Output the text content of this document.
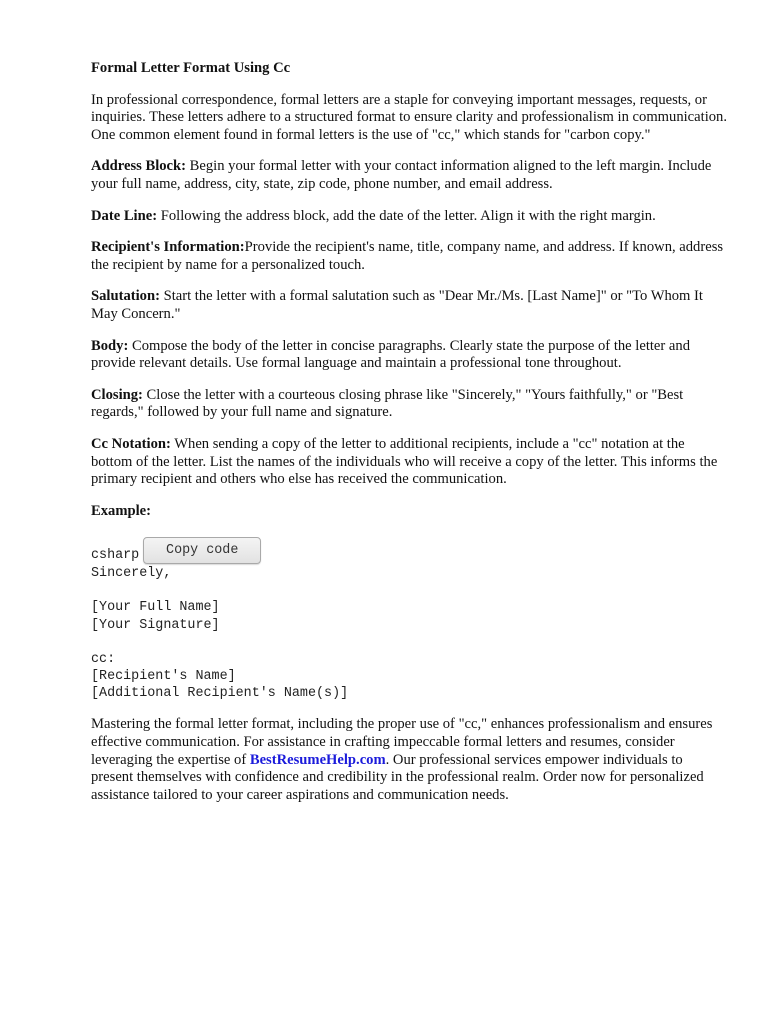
Formal Letter Format Using Cc
In professional correspondence, formal letters are a staple for conveying important messages, requests, or inquiries. These letters adhere to a structured format to ensure clarity and professionalism in communication. One common element found in formal letters is the use of "cc," which stands for "carbon copy."
Address Block: Begin your formal letter with your contact information aligned to the left margin. Include your full name, address, city, state, zip code, phone number, and email address.
Date Line: Following the address block, add the date of the letter. Align it with the right margin.
Recipient's Information:Provide the recipient's name, title, company name, and address. If known, address the recipient by name for a personalized touch.
Salutation: Start the letter with a formal salutation such as "Dear Mr./Ms. [Last Name]" or "To Whom It May Concern."
Body: Compose the body of the letter in concise paragraphs. Clearly state the purpose of the letter and provide relevant details. Use formal language and maintain a professional tone throughout.
Closing: Close the letter with a courteous closing phrase like "Sincerely," "Yours faithfully," or "Best regards," followed by your full name and signature.
Cc Notation: When sending a copy of the letter to additional recipients, include a "cc" notation at the bottom of the letter. List the names of the individuals who will receive a copy of the letter. This informs the primary recipient and others who else has received the communication.
Example:
csharp	Copy code
Sincerely,
[Your Full Name]
[Your Signature]
cc:
[Recipient's Name]
[Additional Recipient's Name(s)]
Mastering the formal letter format, including the proper use of "cc," enhances professionalism and ensures effective communication. For assistance in crafting impeccable formal letters and resumes, consider leveraging the expertise of BestResumeHelp.com. Our professional services empower individuals to present themselves with confidence and credibility in the professional realm. Order now for personalized assistance tailored to your career aspirations and communication needs.
